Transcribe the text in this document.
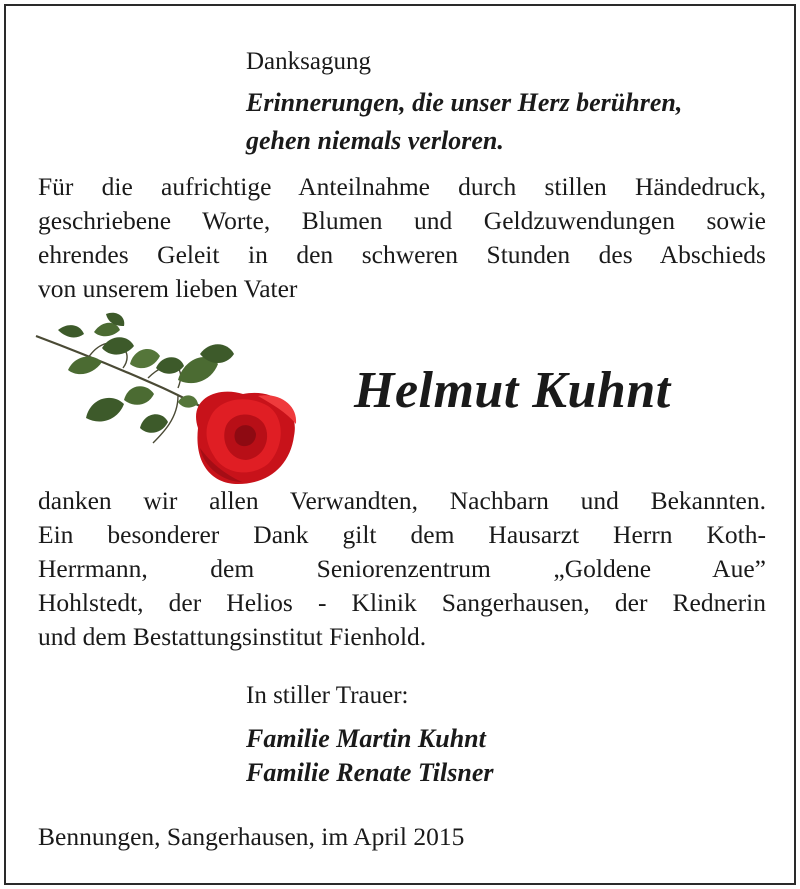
Danksagung
Erinnerungen, die unser Herz berühren,
gehen niemals verloren.

Für die aufrichtige Anteilnahme durch stillen Händedruck,

geschriebene Worte, Blumen und Geldzuwendungen sowie

ehrendes Geleit in den schweren Stunden des Abschieds

von unserem lieben Vater

Helmut Kuhnt

danken wir allen Verwandten, Nachbarn und Bekannten.

Ein besonderer Dank gilt dem Hausarzt Herrn Koth-

Herrmann, dem Seniorenzentrum „Goldene Aue”

Hohlstedt, der Helios - Klinik Sangerhausen, der Rednerin

und dem Bestattungsinstitut Fienhold.

In stiller Trauer:
Familie Martin Kuhnt
Familie Renate Tilsner
Bennungen, Sangerhausen, im April 2015
